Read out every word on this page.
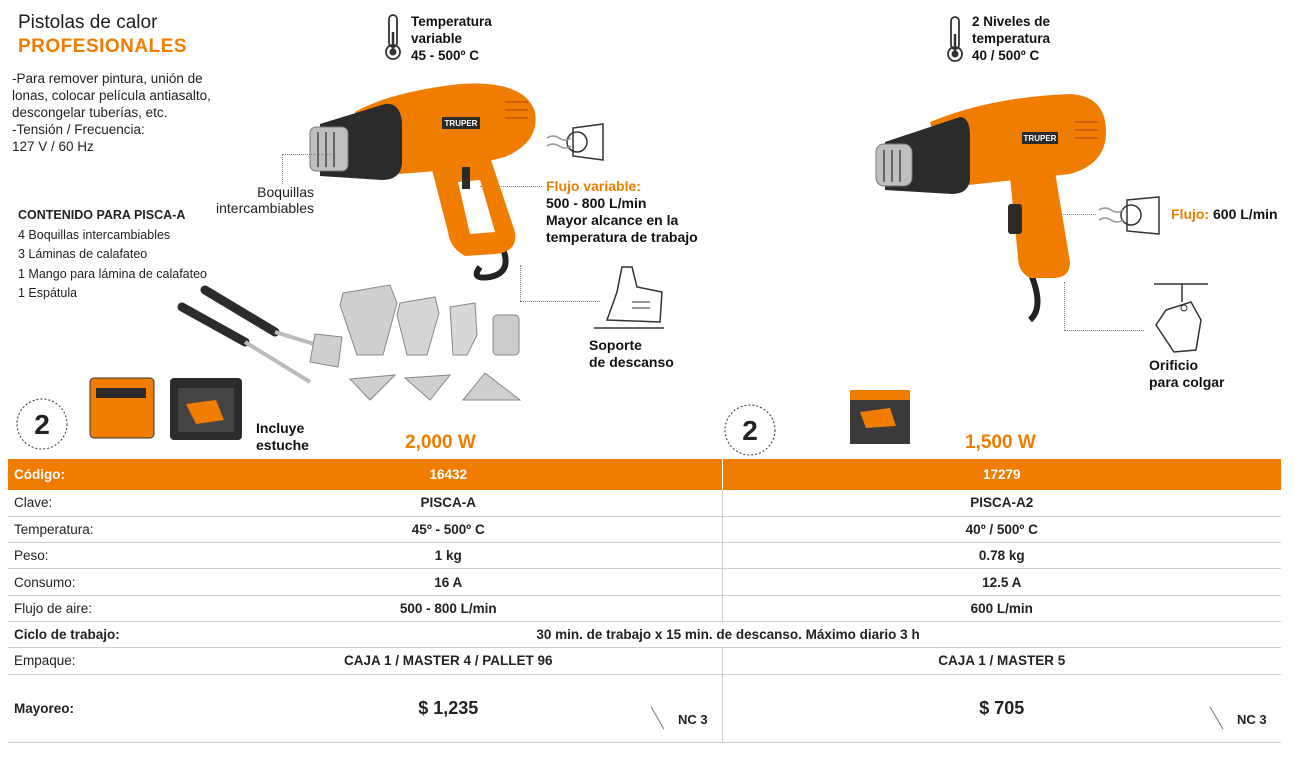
Pistolas de calor
PROFESIONALES
-Para remover pintura, unión de
lonas, colocar película antiasalto,
descongelar tuberías, etc.
-Tensión / Frecuencia:
127 V / 60 Hz
CONTENIDO PARA PISCA-A
4 Boquillas intercambiables
3 Láminas de calafateo
1 Mango para lámina de calafateo
1 Espátula
Temperatura
variable
45 - 500º C
TRUPER
Boquillas
intercambiables
Flujo variable:
500 - 800 L/min
Mayor alcance en la
temperatura de trabajo
Soporte
de descanso
2	Incluye
estuche	2,000 W
2 Niveles de
temperatura
40 / 500º C
TRUPER
Flujo: 600 L/min
Orificio
para colgar
2	1,500 W
Código:	16432	17279
Clave:	PISCA-A	PISCA-A2
Temperatura:	45º - 500º C	40º / 500º C
Peso:	1 kg	0.78 kg
Consumo:	16 A	12.5 A
Flujo de aire:	500 - 800 L/min	600 L/min
Ciclo de trabajo:	30 min. de trabajo x 15 min. de descanso. Máximo diario 3 h	
Empaque:	CAJA 1 / MASTER 4 / PALLET 96	CAJA 1 / MASTER 5
Mayoreo:	$ 1,235	$ 705
NC 3	NC 3
